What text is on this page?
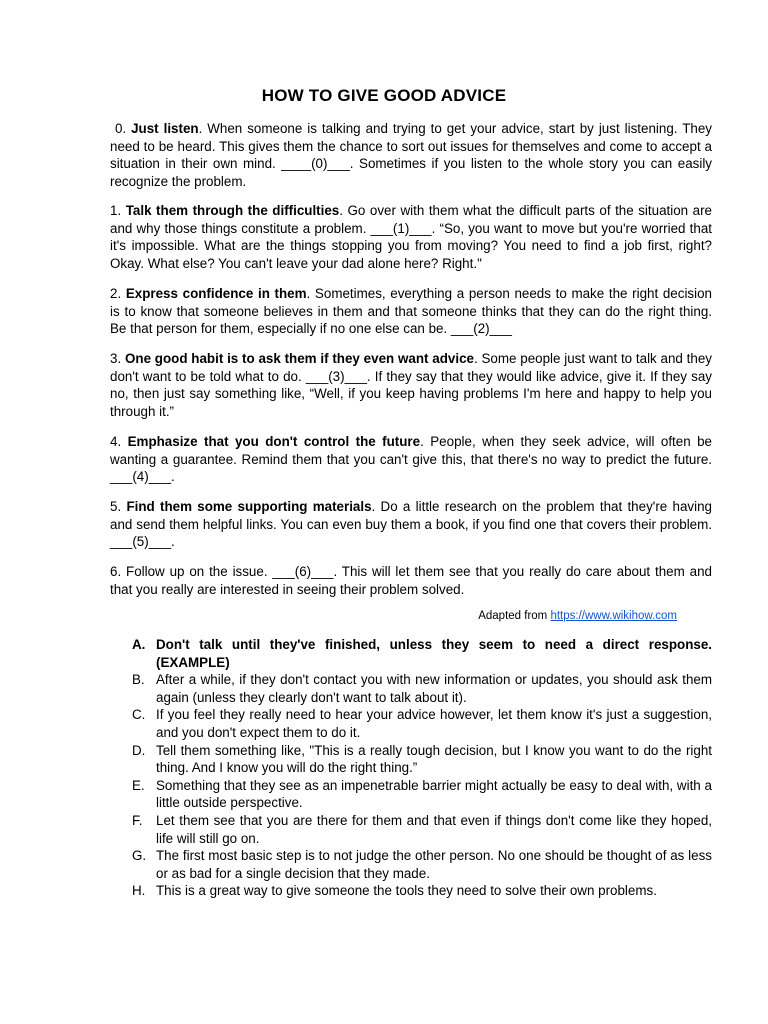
HOW TO GIVE GOOD ADVICE

0. Just listen. When someone is talking and trying to get your advice, start by just listening. They need to be heard. This gives them the chance to sort out issues for themselves and come to accept a situation in their own mind. ____(0)___. Sometimes if you listen to the whole story you can easily recognize the problem.

1. Talk them through the difficulties. Go over with them what the difficult parts of the situation are and why those things constitute a problem. ___(1)___. “So, you want to move but you're worried that it's impossible. What are the things stopping you from moving? You need to find a job first, right? Okay. What else? You can't leave your dad alone here? Right."

2. Express confidence in them. Sometimes, everything a person needs to make the right decision is to know that someone believes in them and that someone thinks that they can do the right thing. Be that person for them, especially if no one else can be. ___(2)___

3. One good habit is to ask them if they even want advice. Some people just want to talk and they don't want to be told what to do. ___(3)___. If they say that they would like advice, give it. If they say no, then just say something like, “Well, if you keep having problems I'm here and happy to help you through it.”

4. Emphasize that you don't control the future. People, when they seek advice, will often be wanting a guarantee. Remind them that you can't give this, that there's no way to predict the future. ___(4)___.

5. Find them some supporting materials. Do a little research on the problem that they're having and send them helpful links. You can even buy them a book, if you find one that covers their problem. ___(5)___.

6. Follow up on the issue. ___(6)___. This will let them see that you really do care about them and that you really are interested in seeing their problem solved.

Adapted from https://www.wikihow.com
A. Don't talk until they've finished, unless they seem to need a direct response. (EXAMPLE)
B. After a while, if they don't contact you with new information or updates, you should ask them again (unless they clearly don't want to talk about it).
C. If you feel they really need to hear your advice however, let them know it's just a suggestion, and you don't expect them to do it.
D. Tell them something like, "This is a really tough decision, but I know you want to do the right thing. And I know you will do the right thing.”
E. Something that they see as an impenetrable barrier might actually be easy to deal with, with a little outside perspective.
F. Let them see that you are there for them and that even if things don't come like they hoped, life will still go on.
G. The first most basic step is to not judge the other person. No one should be thought of as less or as bad for a single decision that they made.
H. This is a great way to give someone the tools they need to solve their own problems.
